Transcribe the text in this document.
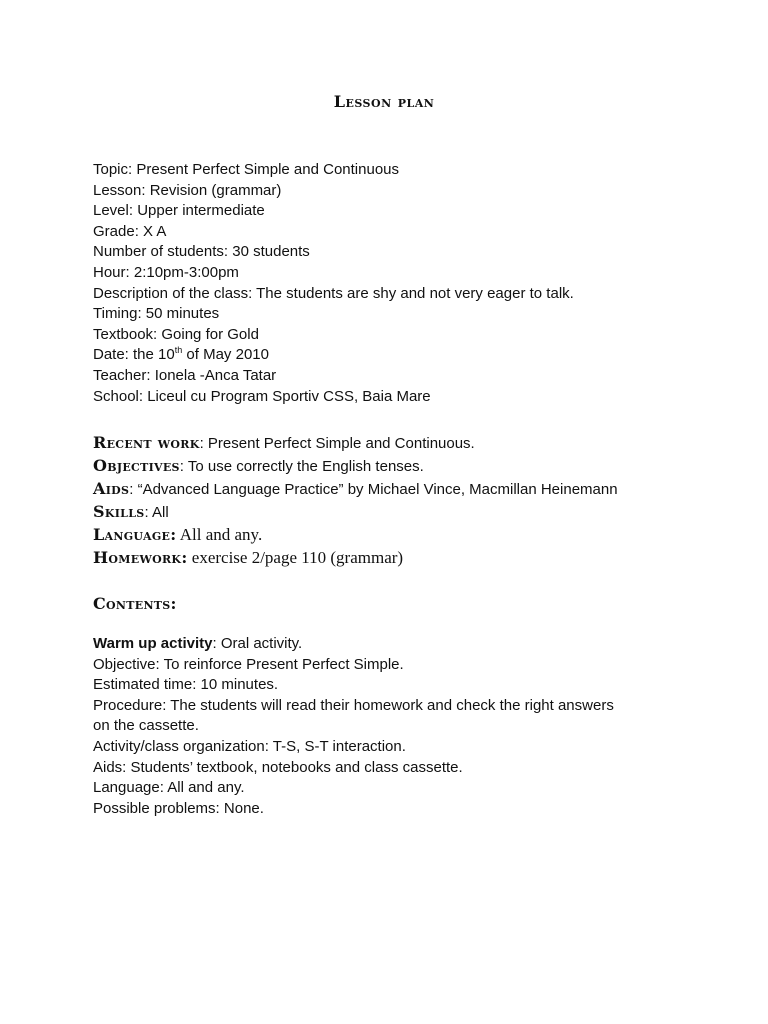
Lesson plan
Topic: Present Perfect Simple and Continuous
Lesson: Revision (grammar)
Level: Upper intermediate
Grade: X A
Number of students: 30 students
Hour: 2:10pm-3:00pm
Description of the class: The students are shy and not very eager to talk.
Timing: 50 minutes
Textbook: Going for Gold
Date: the 10th of May 2010
Teacher: Ionela -Anca Tatar
School: Liceul cu Program Sportiv CSS, Baia Mare
Recent work: Present Perfect Simple and Continuous.
Objectives: To use correctly the English tenses.
Aids: “Advanced Language Practice” by Michael Vince, Macmillan Heinemann
Skills: All
Language: All and any.
Homework: exercise 2/page 110 (grammar)
Contents:
Warm up activity: Oral activity.
Objective: To reinforce Present Perfect Simple.
Estimated time: 10 minutes.
Procedure: The students will read their homework and check the right answers
on the cassette.
Activity/class organization: T-S, S-T interaction.
Aids: Students’ textbook, notebooks and class cassette.
Language: All and any.
Possible problems: None.
